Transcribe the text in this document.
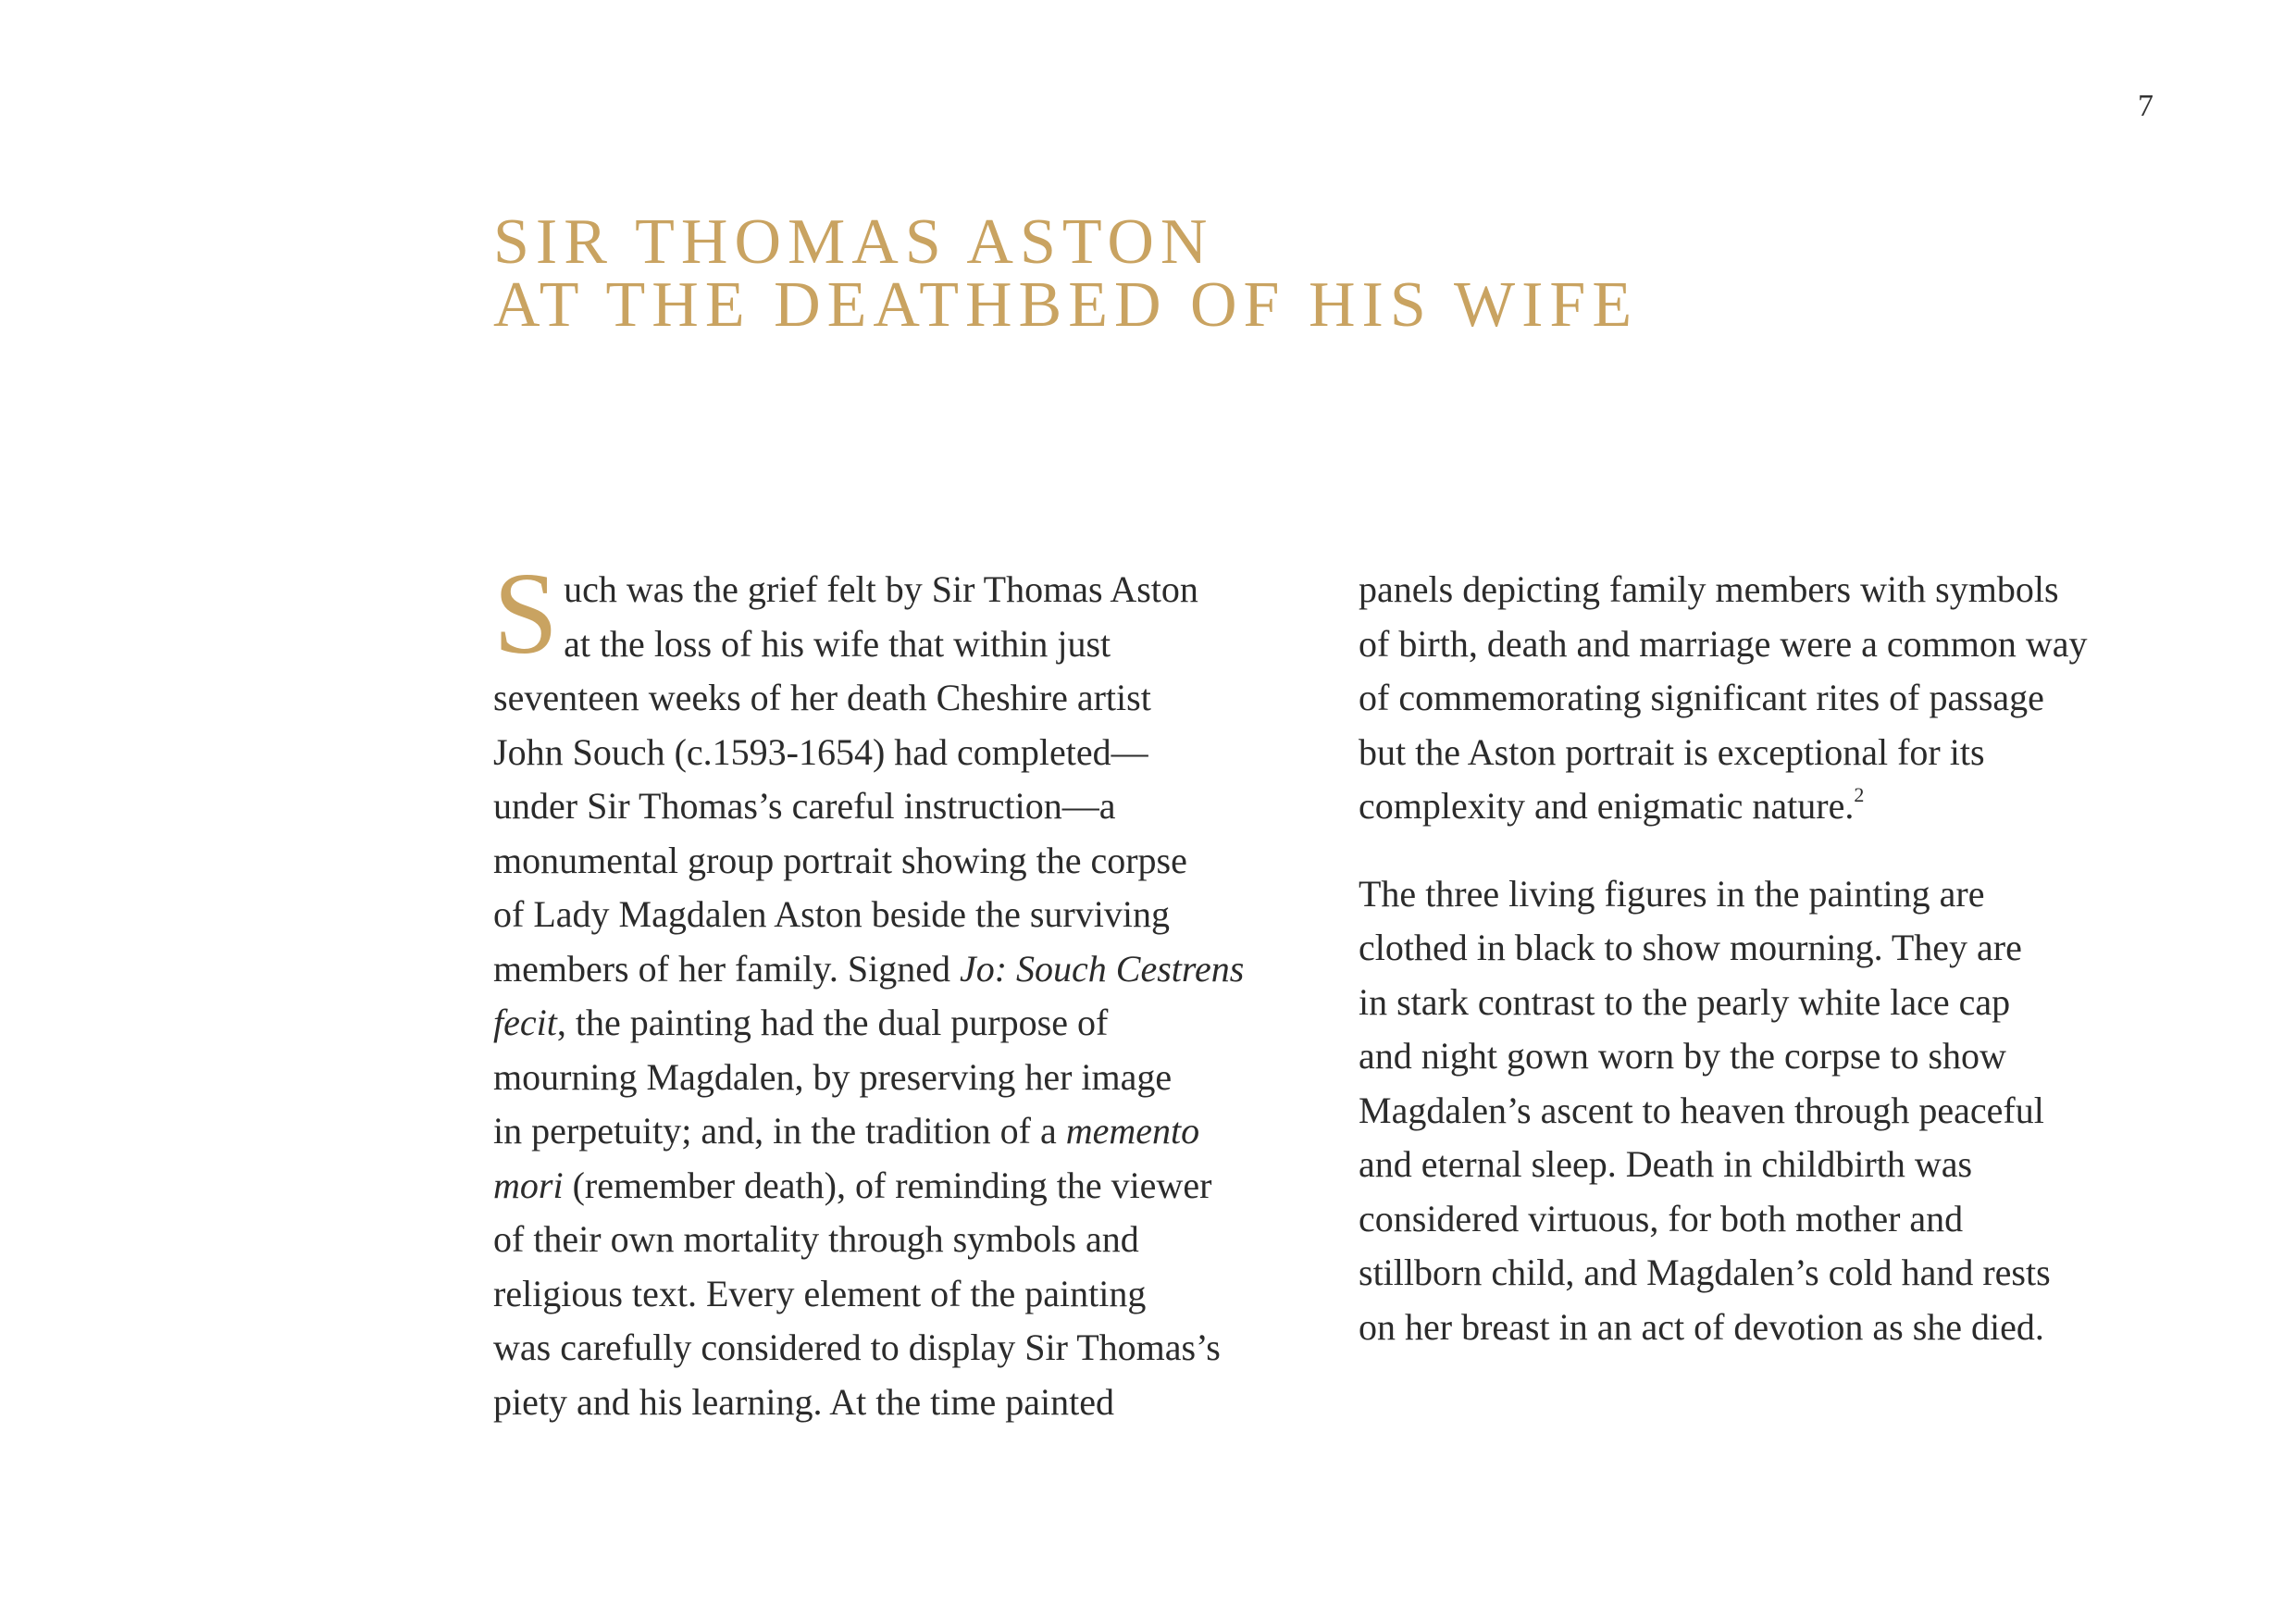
7
SIR THOMAS ASTON
AT THE DEATHBED OF HIS WIFE
S uch was the grief felt by Sir Thomas Aston
at the loss of his wife that within just
seventeen weeks of her death Cheshire artist
John Souch (c.1593-1654) had completed—
under Sir Thomas’s careful instruction—a
monumental group portrait showing the corpse
of Lady Magdalen Aston beside the surviving
members of her family. Signed Jo: Souch Cestrens
fecit, the painting had the dual purpose of
mourning Magdalen, by preserving her image
in perpetuity; and, in the tradition of a memento
mori (remember death), of reminding the viewer
of their own mortality through symbols and
religious text. Every element of the painting
was carefully considered to display Sir Thomas’s
piety and his learning. At the time painted
panels depicting family members with symbols
of birth, death and marriage were a common way
of commemorating significant rites of passage
but the Aston portrait is exceptional for its
complexity and enigmatic nature.$^2$
The three living figures in the painting are
clothed in black to show mourning. They are
in stark contrast to the pearly white lace cap
and night gown worn by the corpse to show
Magdalen’s ascent to heaven through peaceful
and eternal sleep. Death in childbirth was
considered virtuous, for both mother and
stillborn child, and Magdalen’s cold hand rests
on her breast in an act of devotion as she died.
